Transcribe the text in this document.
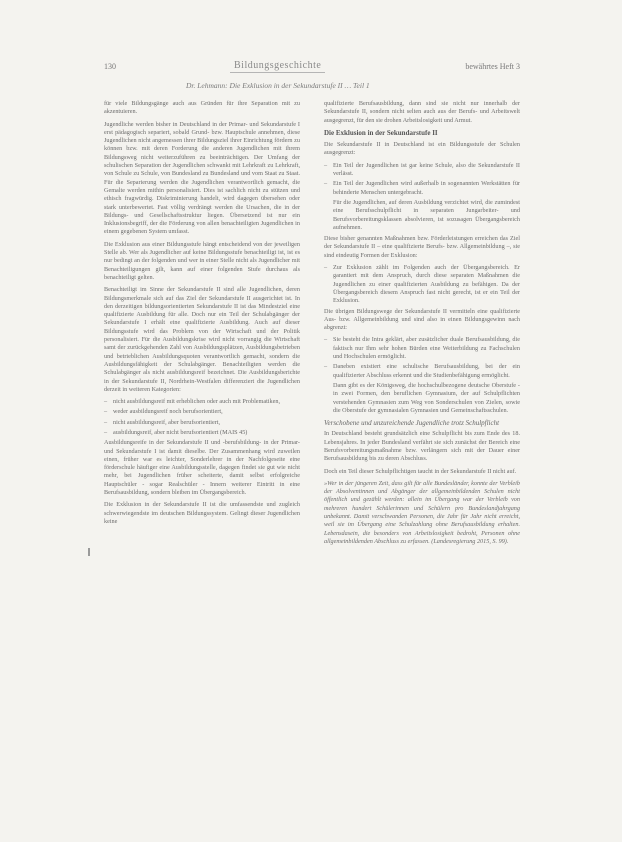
130	Bildungsgeschichte	bewährtes Heft 3
Dr. Lehmann: Die Exklusion in der Sekundarstufe II … Teil 1

für viele Bildungsgänge auch aus Gründen für ihre Separation mit zu akzentuieren.

Jugendliche werden bisher in Deutschland in der Primar- und Sekundarstufe I erst pädagogisch separiert, sobald Grund- bzw. Hauptschule annehmen, diese Jugendlichen nicht angemessen ihrer Bildungsziel ihrer Einrichtung fördern zu können bzw. mit deren Forderung die anderen Jugendlichen mit ihrem Bildungsweg nicht weiterzuführen zu beeinträchtigen. Der Umfang der schulischen Separation der Jugendlichen schwankt mit Lehrkraft zu Lehrkraft, von Schule zu Schule, von Bundesland zu Bundesland und vom Staat zu Staat. Für die Separierung werden die Jugendlichen verantwortlich gemacht, die Gemalte werden mithin personalisiert. Dies ist sachlich nicht zu stützen und ethisch fragwürdig. Diskriminierung handelt, wird dagegen übersehen oder stark unterbewertet. Fast völlig verdrängt werden die Ursachen, die in der Bildungs- und Gesellschaftsstruktur liegen. Übersetzend ist nur ein Inklusionsbegriff, der die Förderung von allen benachteiligten Jugendlichen in einem gegebenen System umfasst.

Die Exklusion aus einer Bildungsstufe hängt entscheidend von der jeweiligen Stelle ab. Wer als Jugendlicher auf keine Bildungsstufe benachteiligt ist, ist es nur bedingt an der folgenden und wer in einer Stelle nicht als Jugendlicher mit Benachteiligungen gilt, kann auf einer folgenden Stufe durchaus als benachteiligt gelten.

Benachteiligt im Sinne der Sekundarstufe II sind alle Jugendlichen, deren Bildungsmerkmale sich auf das Ziel der Sekundarstufe II ausgerichtet ist. In den derzeitigen bildungsorientierten Sekundarstufe II ist das Mindestziel eine qualifizierte Ausbildung für alle. Doch nur ein Teil der Schulabgänger der Sekundarstufe I erhält eine qualifizierte Ausbildung. Auch auf dieser Bildungsstufe wird das Problem von der Wirtschaft und der Politik personalisiert. Für die Ausbildungskrise wird nicht vorrangig die Wirtschaft samt der zurückgehenden Zahl von Ausbildungsplätzen, Ausbildungsbetrieben und betrieblichen Ausbildungsquoten verantwortlich gemacht, sondern die Ausbildungsfähigkeit der Schulabgänger. Benachteiligten werden die Schulabgänger als nicht ausbildungsreif bezeichnet. Die Ausbildungsberichte in der Sekundarstufe II, Nordrhein-Westfalen differenziert die Jugendlichen derzeit in weiteren Kategorien:

– nicht ausbildungsreif mit erheblichen oder auch mit Problematiken,
– weder ausbildungsreif noch berufsorientiert,
– nicht ausbildungsreif, aber berufsorientiert,
– ausbildungsreif, aber nicht berufsorientiert (MAIS 45)

Ausbildungsreife in der Sekundarstufe II und -berufsbildung- in der Primar- und Sekundarstufe I ist damit dieselbe. Der Zusammenhang wird zuweilen einen, früher war es leichter, Sonderlehrer in der Nachfolgeseite eine förderschule häufiger eine Ausbildungsstelle, dagegen findet sie gut wie nicht mehr, bei Jugendlichen früher scheiterte, damit selbst erfolgreiche Hauptschüler - sogar Realschüler - Innern weiterer Eintritt in eine Berufsausbildung, sondern bleiben im Übergangsbereich.

Die Exklusion in der Sekundarstufe II ist die umfassendste und zugleich schwerwiegendste im deutschen Bildungssystem. Gelingt dieser Jugendlichen keine

qualifizierte Berufsausbildung, dann sind sie nicht nur innerhalb der Sekundarstufe II, sondern nicht selten auch aus der Berufs- und Arbeitswelt ausgegrenzt, für den sie drohen Arbeitslosigkeit und Armut.

Die Exklusion in der Sekundarstufe II

Die Sekundarstufe II in Deutschland ist ein Bildungsstufe der Schulen ausgegrenzt:

– Ein Teil der Jugendlichen ist gar keine Schule, also die Sekundarstufe II verlässt.
– Ein Teil der Jugendlichen wird außerhalb in sogenannten Werkstätten für behinderte Menschen untergebracht.
Für die Jugendlichen, auf deren Ausbildung verzichtet wird, die zumindest eine Berufsschulpflicht in separaten Jungarbeiter- und Berufsvorbereitungsklassen absolvieren, ist sozusagen Übergangsbereich aufnehmen.

Diese bisher genannten Maßnahmen bzw. Förderleistungen erreichen das Ziel der Sekundarstufe II – eine qualifizierte Berufs- bzw. Allgemeinbildung –, sie sind eindeutig Formen der Exklusion:

– Zur Exklusion zählt im Folgenden auch der Übergangsbereich. Er garantiert mit dem Anspruch, durch diese separaten Maßnahmen die Jugendlichen zu einer qualifizierten Ausbildung zu befähigen. Da der Übergangsbereich diesem Anspruch fast nicht gerecht, ist er ein Teil der Exklusion.

Die übrigen Bildungswege der Sekundarstufe II vermitteln eine qualifizierte Aus- bzw. Allgemeinbildung und sind also in einen Bildungsgewinn nach abgrenzt:

– Sie besteht die Intra geklärt, aber zusätzlicher duale Berufsausbildung, die faktisch nur Ihm sehr hohen Bürden eine Weiterbildung zu Fachschulen und Hochschulen ermöglicht.
– Daneben existiert eine schulische Berufsausbildung, bei der ein qualifizierter Abschluss erkennt und die Studienbefähigung ermöglicht.
Dann gibt es der Königsweg, die hochschulbezogene deutsche Oberstufe - in zwei Formen, den beruflichen Gymnasium, der auf Schulpflichten verstehenden Gymnasien zum Weg von Sonderschulen von Zielen, sowie die Oberstufe der gymnasialen Gymnasien und Gemeinschaftsschulen.
Verschobene und unzureichende Jugendliche trotz Schulpflicht

In Deutschland besteht grundsätzlich eine Schulpflicht bis zum Ende des 18. Lebensjahres. In jeder Bundesland verfährt sie sich zunächst der Bereich eine Berufsvorbereitungsmaßnahme bzw. verlängern sich mit der Dauer einer Berufsausbildung bis zu deren Abschluss.

Doch ein Teil dieser Schulpflichtigen taucht in der Sekundarstufe II nicht auf.

»Wer in der jüngeren Zeit, dass gilt für alle Bundesländer, konnte der Verbleib der Absolventinnen und Abgänger der allgemeinbildenden Schulen nicht öffentlich und gezählt werden: allein im Übergang war der Verbleib von mehreren hundert Schülerinnen und Schülern pro Bundeslandjahrgang unbekannt. Damit verschwanden Personen, die Jahr für Jahr nicht erreicht, weil sie im Übergang eine Schulzahlung ohne Berufsausbildung erhalten. Lebensdasein, die besonders von Arbeitslosigkeit bedroht, Personen ohne allgemeinbildenden Abschluss zu erfassen. (Landesregierung 2015, S. 99).
